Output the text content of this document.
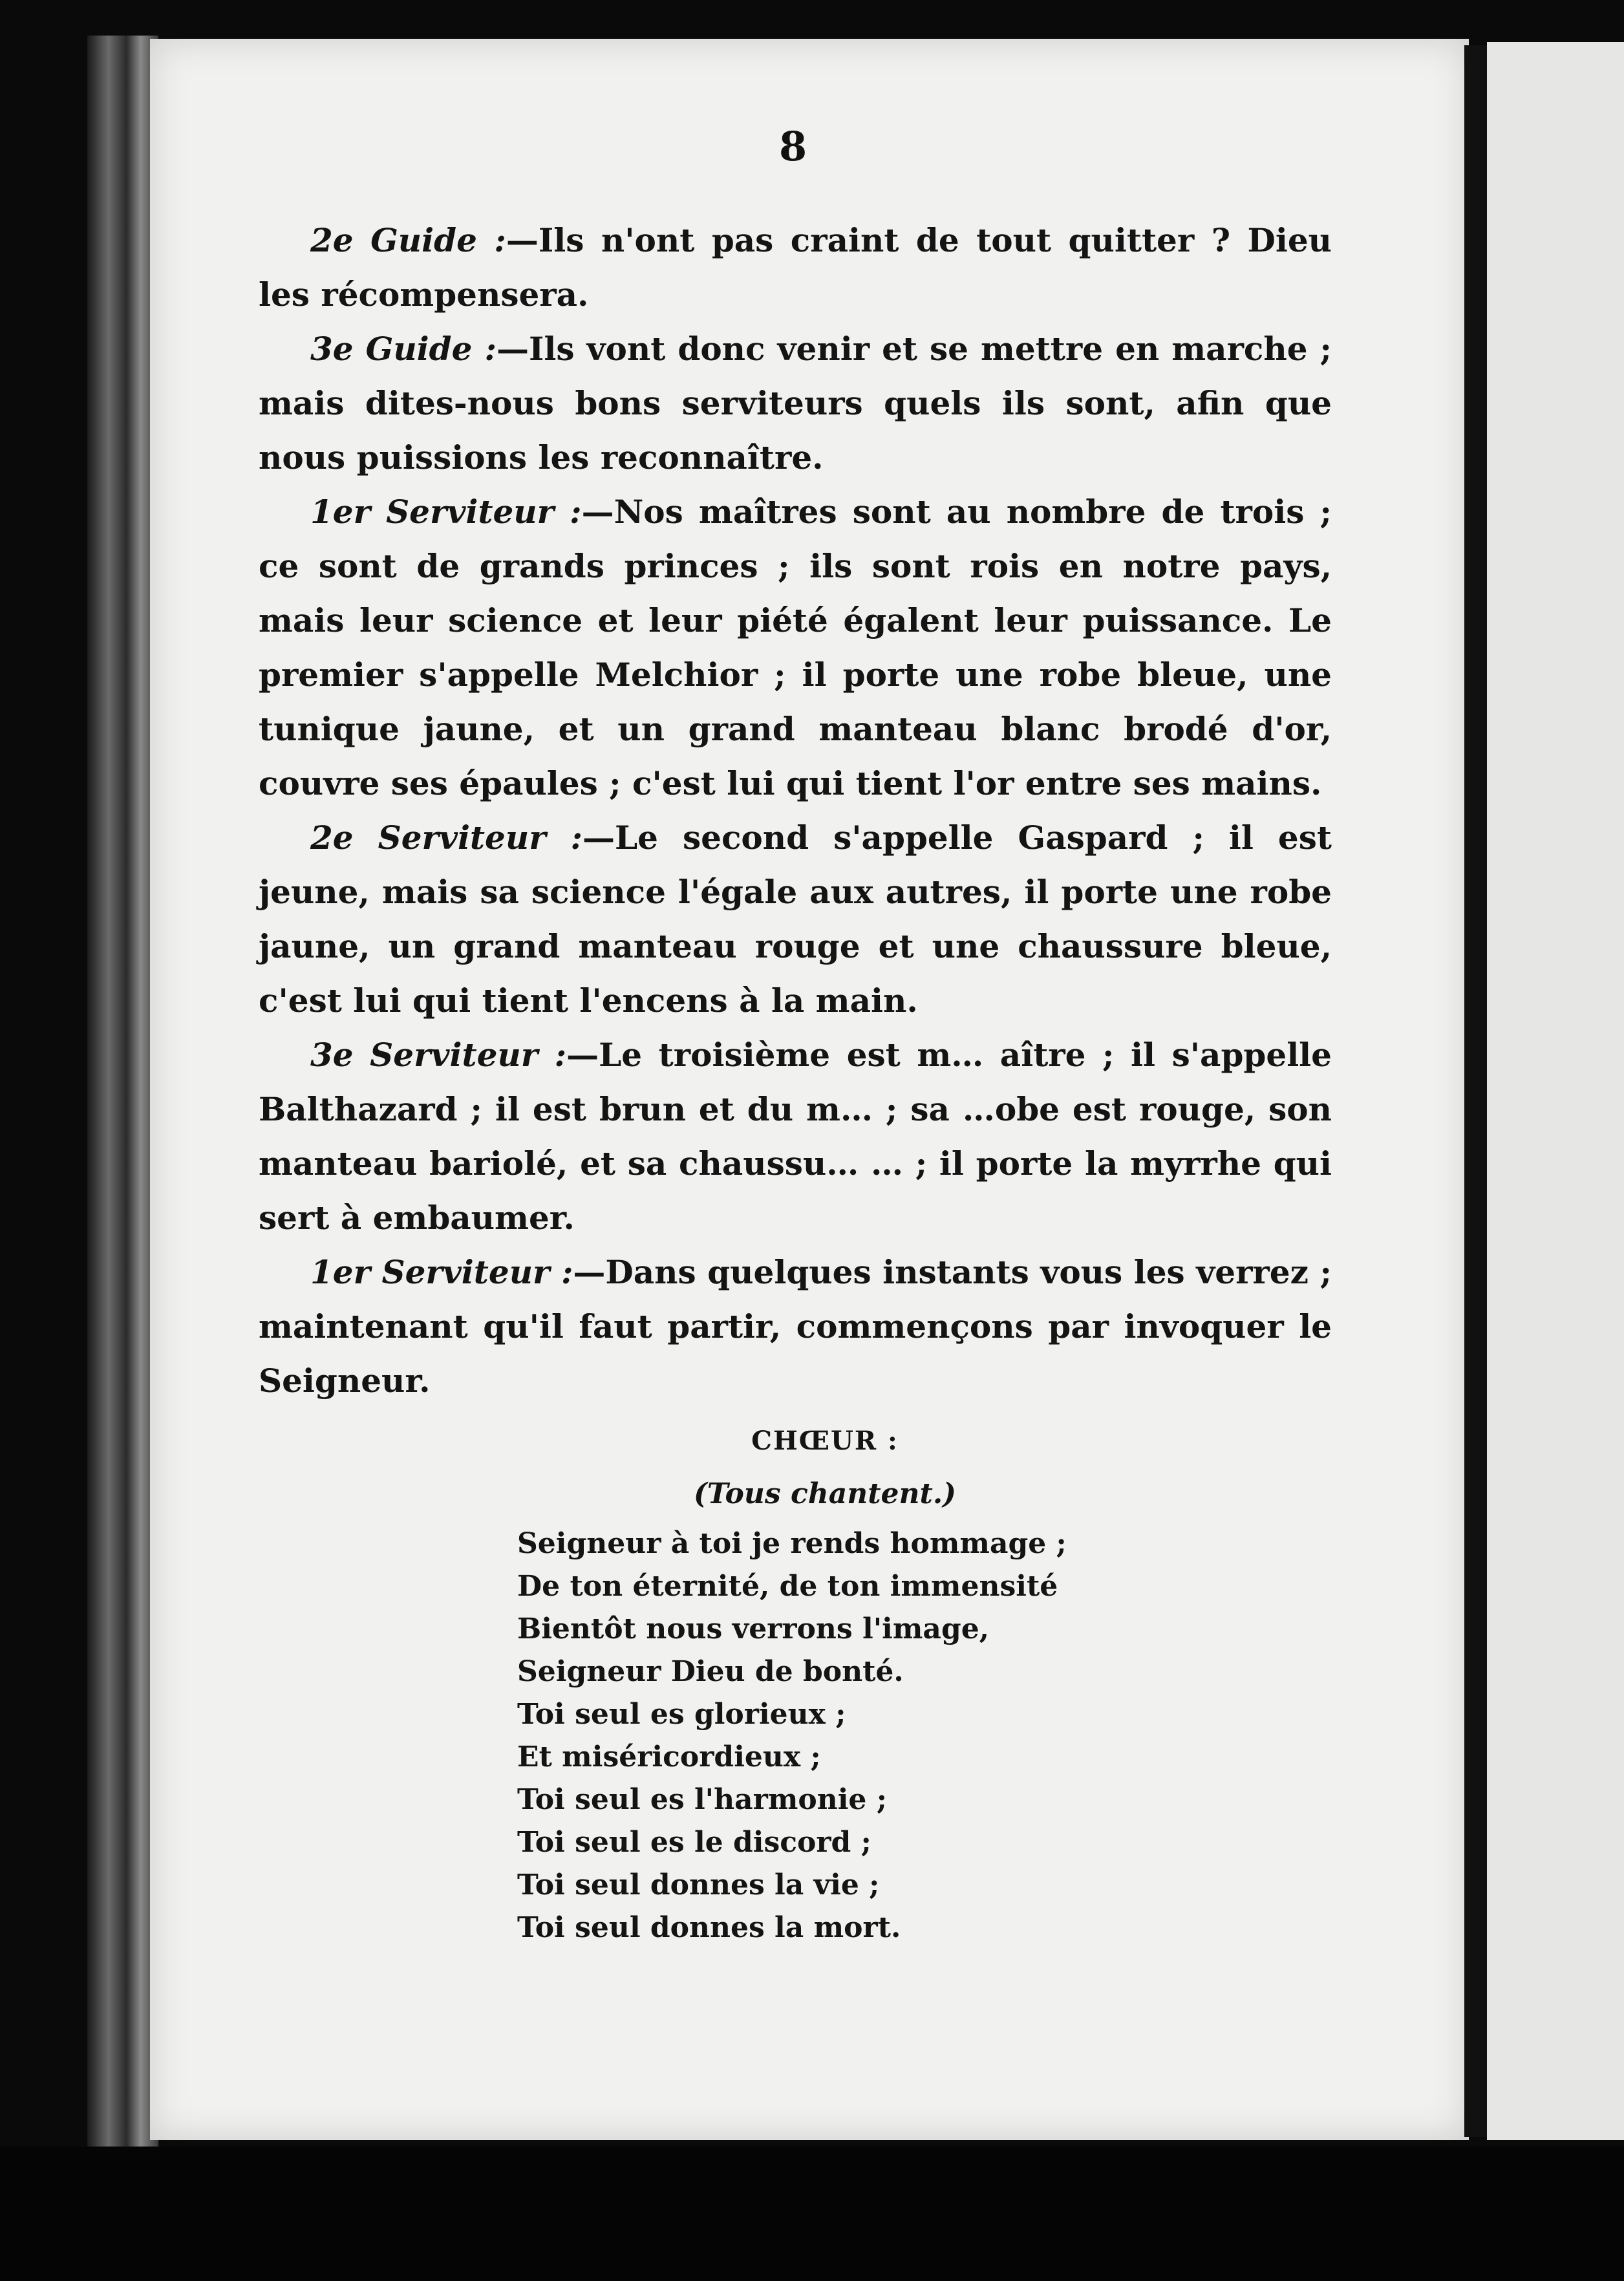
8

2e Guide :—Ils n'ont pas craint de tout quitter ? Dieu les récompensera.

3e Guide :—Ils vont donc venir et se mettre en marche ; mais dites-nous bons serviteurs quels ils sont, afin que nous puissions les reconnaître.

1er Serviteur :—Nos maîtres sont au nombre de trois ; ce sont de grands princes ; ils sont rois en notre pays, mais leur science et leur piété égalent leur puissance. Le premier s'appelle Melchior ; il porte une robe bleue, une tunique jaune, et un grand manteau blanc brodé d'or, couvre ses épaules ; c'est lui qui tient l'or entre ses mains.

2e Serviteur :—Le second s'appelle Gaspard ; il est jeune, mais sa science l'égale aux autres, il porte une robe jaune, un grand manteau rouge et une chaussure bleue, c'est lui qui tient l'encens à la main.

3e Serviteur :—Le troisième est m… aître ; il s'appelle Balthazard ; il est brun et du m… ; sa …obe est rouge, son manteau bariolé, et sa chaussu… … ; il porte la myrrhe qui sert à embaumer.

1er Serviteur :—Dans quelques instants vous les verrez ; maintenant qu'il faut partir, commençons par invoquer le Seigneur.

CHŒUR :
(Tous chantent.)
Seigneur à toi je rends hommage ;
De ton éternité, de ton immensité
Bientôt nous verrons l'image,
Seigneur Dieu de bonté.
Toi seul es glorieux ;
Et miséricordieux ;
Toi seul es l'harmonie ;
Toi seul es le discord ;
Toi seul donnes la vie ;
Toi seul donnes la mort.
